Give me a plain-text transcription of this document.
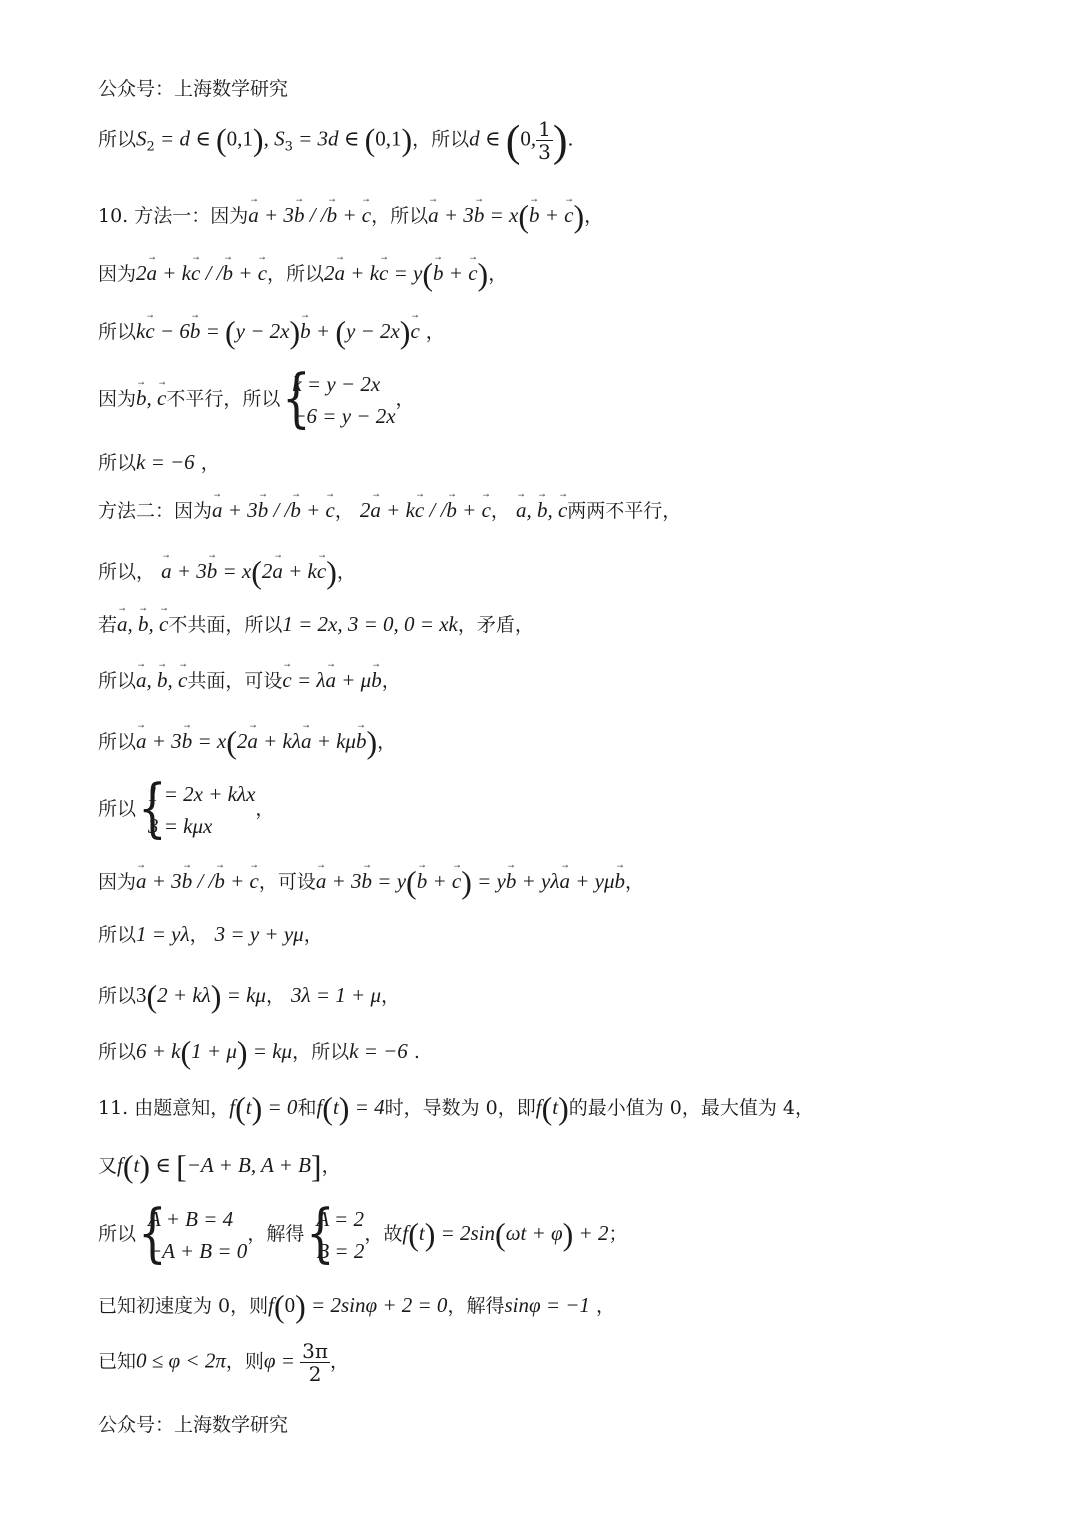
公众号：上海数学研究
所以$S_2 = d$ ∈ (0,1), $S_3 = 3d$ ∈ (0,1)，所以d ∈ (0, $\frac{1}{3}$ ).
10. 方法一：因为→ a + 3→ b / /→ b + → c，所以→ a + 3→ b = x(→ b + → c)，
因为2→ a + k→ c / /→ b + → c，所以2→ a + k→ c = y(→ b + → c)，
所以k→ c − 6→ b = (y − 2x)→ b + (y − 2x)→ c ，
因为→ b, → c不平行，所以
{ k = y − 2x
−6 = y − 2x
，
所以k = −6 ，
方法二：因为→ a + 3→ b / /→ b + → c， 2→ a + k→ c / /→ b + → c， → a, → b, → c两两不平行，
所以， → a + 3→ b = x(2→ a + k→ c)，
若→ a, → b, → c不共面，所以1 = 2x, 3 = 0, 0 = xk，矛盾，
所以→ a, → b, → c共面，可设→ c = λ→ a + μ→ b，
所以→ a + 3→ b = x(2→ a + kλ→ a + kμ→ b)，
所以
{ 1 = 2x + kλx
3 = kμx
，
因为→ a + 3→ b / /→ b + → c，可设→ a + 3→ b = y(→ b + → c) = y→ b + yλ→ a + yμ→ b，
所以1 = yλ， 3 = y + yμ，
所以3(2 + kλ) = kμ， 3λ = 1 + μ，
所以6 + k(1 + μ) = kμ，所以k = −6 .
11. 由题意知，f(t) = 0和f(t) = 4时，导数为 0，即f(t)的最小值为 0，最大值为 4，
又f(t) ∈ [−A + B, A + B]，
所以
{ A + B = 4
−A + B = 0
，解得
{ A = 2
B = 2
，故f(t) = 2sin(ωt + φ) + 2；
已知初速度为 0，则f(0) = 2sinφ + 2 = 0，解得sinφ = −1 ，
已知0 ≤ φ < 2π，则$\varphi = \frac{3\pi}{2}$ ，
公众号：上海数学研究
